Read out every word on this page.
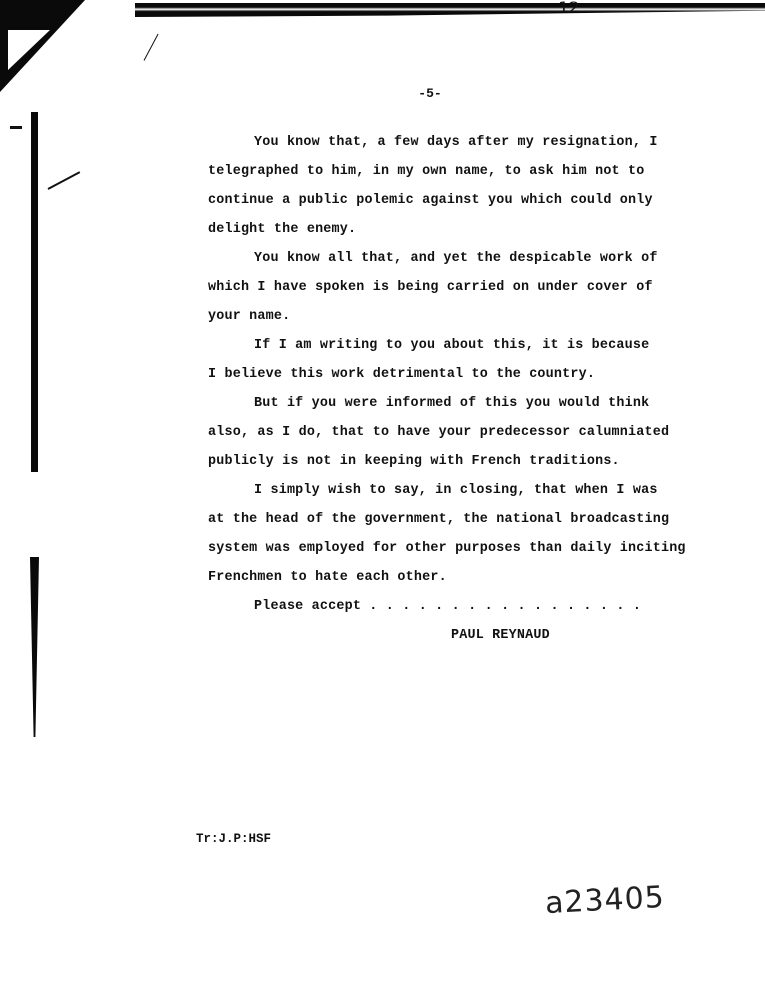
12
-5-
You know that, a few days after my resignation, I
telegraphed to him, in my own name, to ask him not to
continue a public polemic against you which could only
delight the enemy.
You know all that, and yet the despicable work of
which I have spoken is being carried on under cover of
your name.
If I am writing to you about this, it is because
I believe this work detrimental to the country.
But if you were informed of this you would think
also, as I do, that to have your predecessor calumniated
publicly is not in keeping with French traditions.
I simply wish to say, in closing, that when I was
at the head of the government, the national broadcasting
system was employed for other purposes than daily inciting
Frenchmen to hate each other.
Please accept . . . . . . . . . . . . . . . . .
PAUL REYNAUD
Tr:J.P:HSF
a23405
